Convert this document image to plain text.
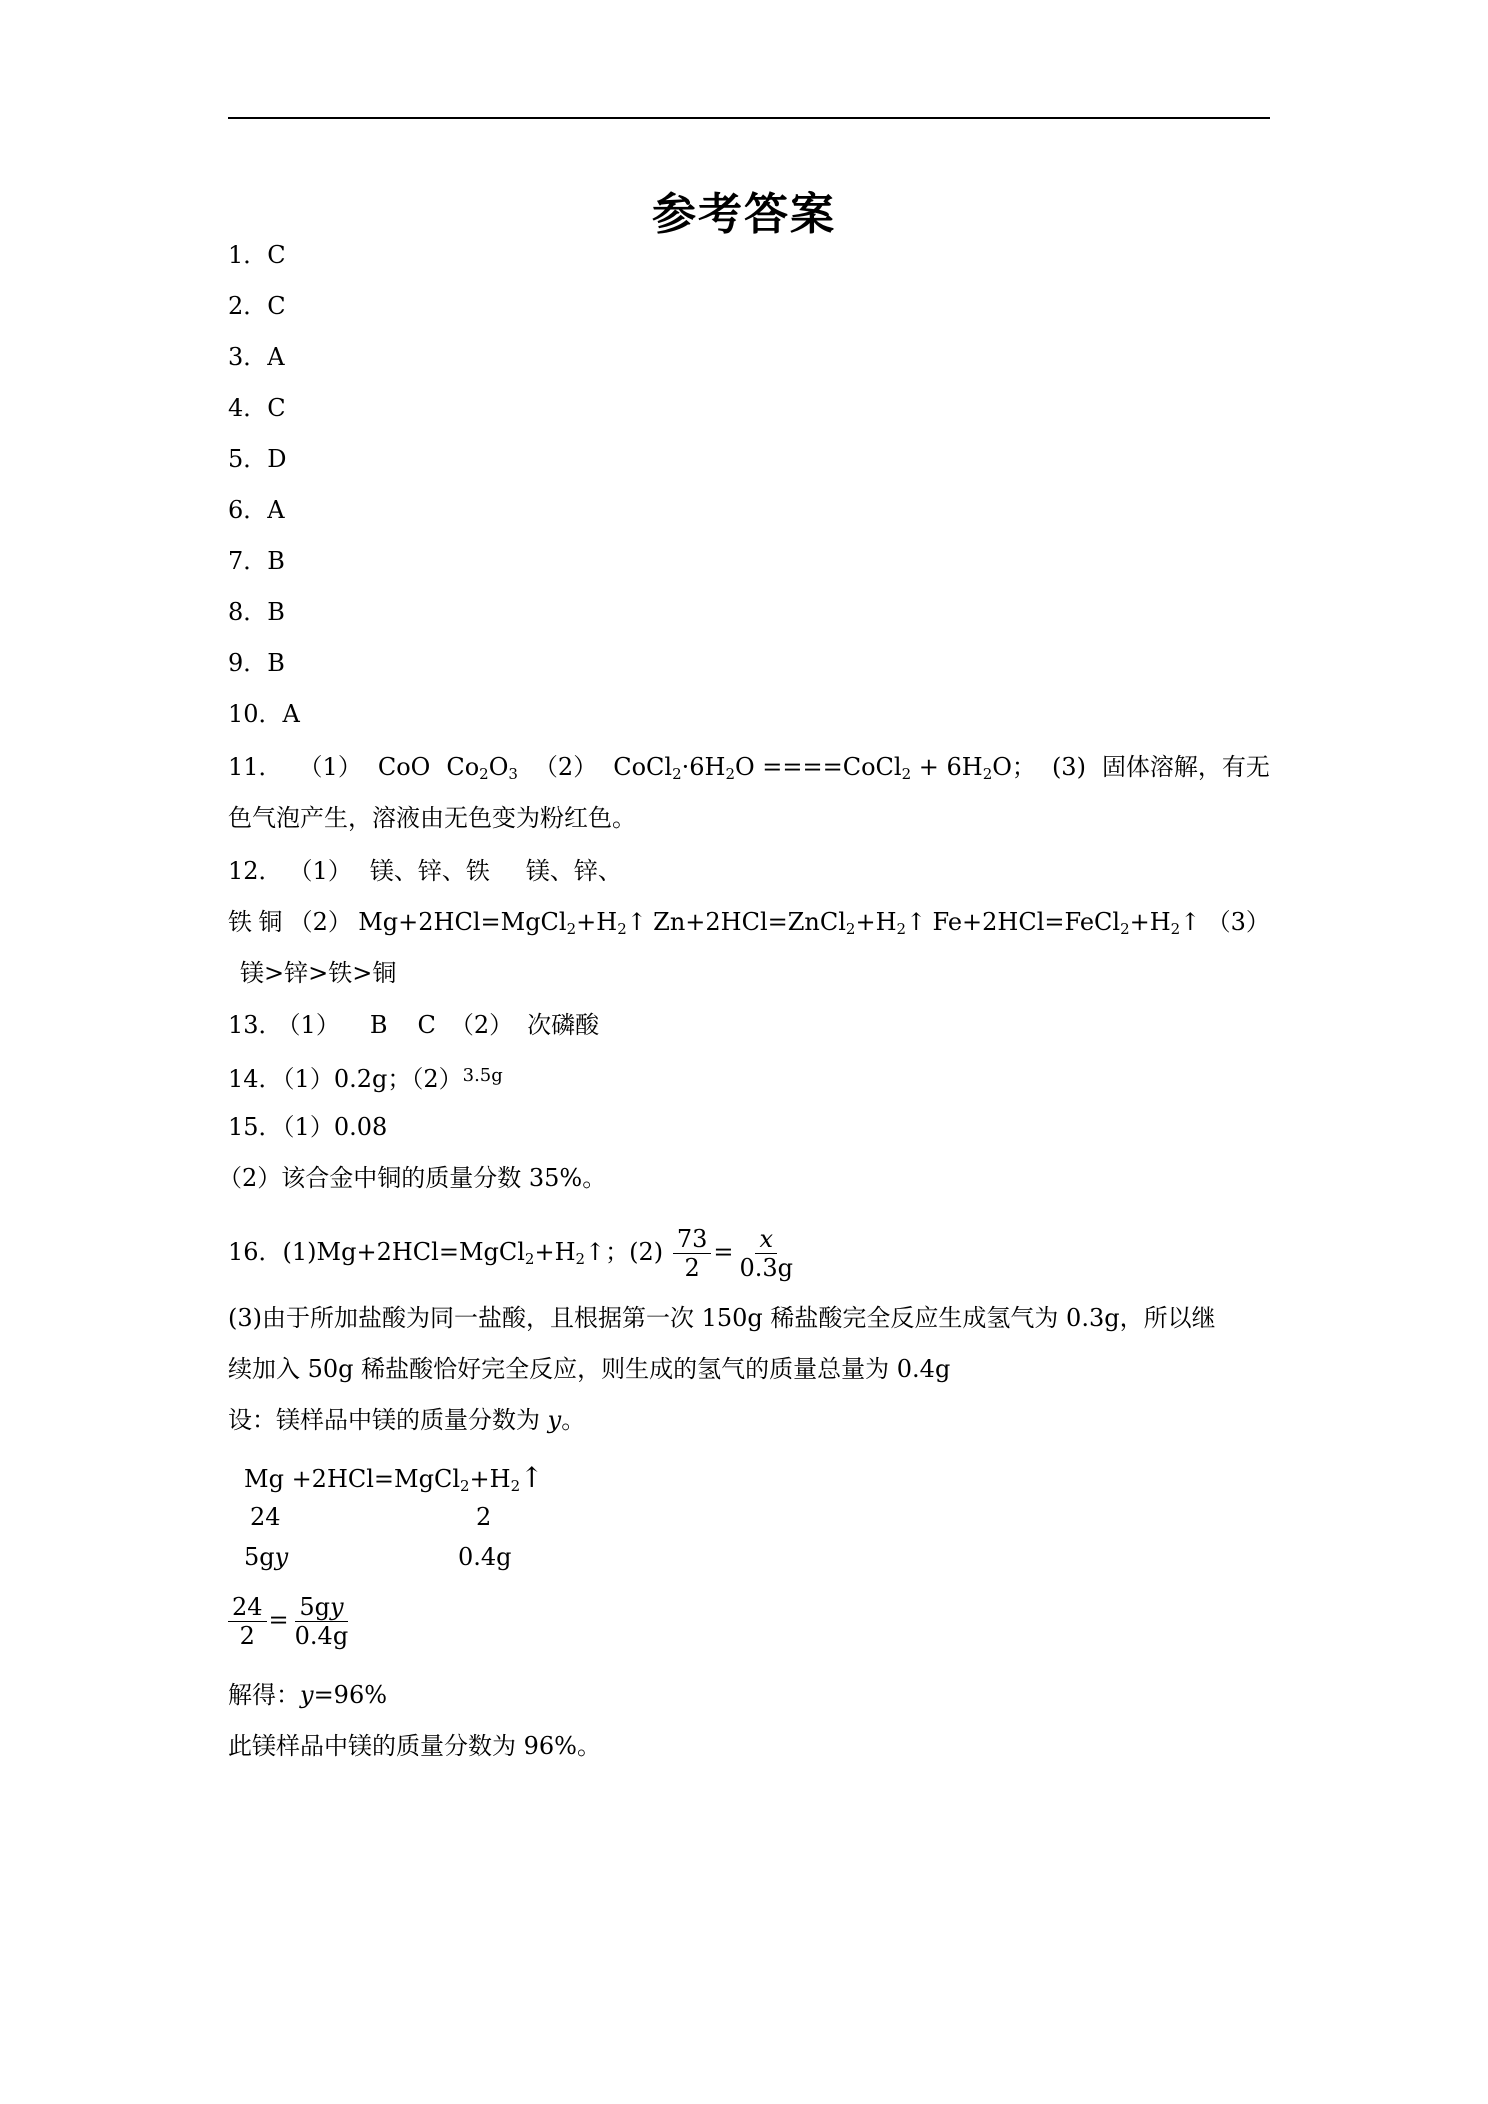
参考答案
1．C
2．C
3．A
4．C
5．D
6．A
7．B
8．B
9．B
10．A
11． （1） CoO $Co_2O_3$ （2） $CoCl_2\cdot 6H_2O$ ====CoCl$_2$ + $6H_2O$； (3) 固体溶解，有无
色气泡产生，溶液由无色变为粉红色。
12． （1） 镁、锌、铁 镁、锌、
铁 铜 （2） $Mg+2HCl=MgCl_2+H_2↑$ $Zn+2HCl=ZnCl_2+H_2↑$ $Fe+2HCl=FeCl_2+H_2↑$ （3）
镁>锌>铁>铜
13． （1） B C （2） 次磷酸
14．（1）0.2g；$(2)^{3.5g}$
15．（1）0.08
（2）该合金中铜的质量分数 35%。
16．$(1)Mg+2HCl=MgCl_2+H_2↑$；$(2) \frac{73}{2} = \frac{x}{0.3g}$
(3)由于所加盐酸为同一盐酸，且根据第一次 150g 稀盐酸完全反应生成氢气为 0.3g，所以继
续加入 50g 稀盐酸恰好完全反应，则生成的氢气的质量总量为 0.4g
设：镁样品中镁的质量分数为 y。
$Mg +2HCl=MgCl_2+H_2↑$
24	2
5gy	0.4g
$\frac{24}{2} = \frac{5gy}{0.4g}$
解得：y=96%
此镁样品中镁的质量分数为 96%。
